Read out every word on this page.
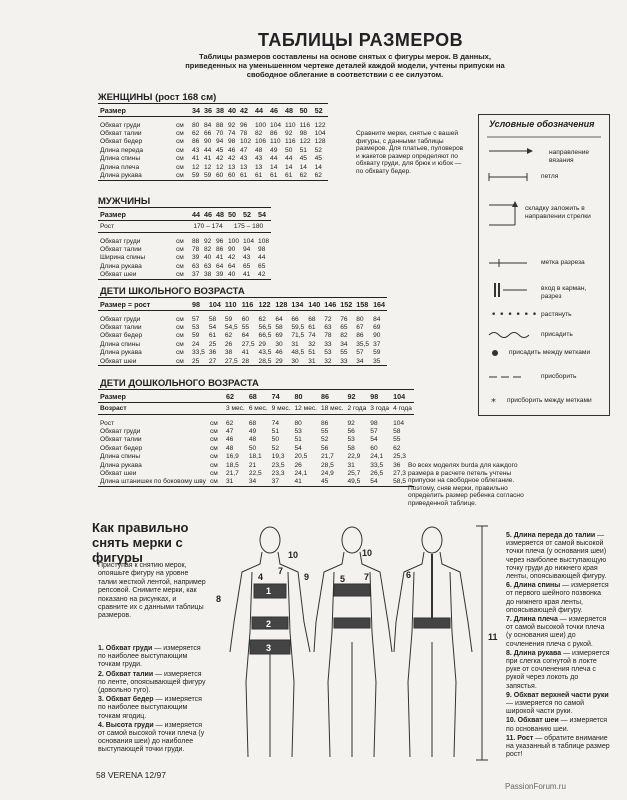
ТАБЛИЦЫ РАЗМЕРОВ
Таблицы размеров составлены на основе снятых с фигуры мерок. В данных, приведенных на уменьшенном чертеже деталей каждой модели, учтены припуски на свободное облегание в соответствии с ее силуэтом.
ЖЕНЩИНЫ (рост 168 см)
Размер		34	36	38	40	42	44	46	48	50	52

Обхват груди	см	80	84	88	92	96	100	104	110	116	122
Обхват талии	см	62	66	70	74	78	82	86	92	98	104
Обхват бедер	см	86	90	94	98	102	106	110	116	122	128
Длина переда	см	43	44	45	46	47	48	49	50	51	52
Длина спины	см	41	41	42	42	43	43	44	44	45	45
Длина плеча	см	12	12	12	13	13	13	14	14	14	14
Длина рукава	см	59	59	60	60	61	61	61	61	62	62
Сравните мерки, снятые с вашей фигуры, с данными таблицы размеров. Для платьев, пуловеров и жакетов размер определяют по обхвату груди, для брюк и юбок — по обхвату бедер.
МУЖЧИНЫ
Размер		44	46	48	50	52	54
Рост		170 – 174			175 – 180		

Обхват груди	см	88	92	96	100	104	108
Обхват талии	см	78	82	86	90	94	98
Ширина спины	см	39	40	41	42	43	44
Длина рукава	см	63	63	64	64	65	65
Обхват шеи	см	37	38	39	40	41	42
ДЕТИ ШКОЛЬНОГО ВОЗРАСТА
Размер = рост		98	104	110	116	122	128	134	140	146	152	158	164

Обхват груди	см	57	58	59	60	62	64	66	68	72	76	80	84
Обхват талии	см	53	54	54,5	55	56,5	58	59,5	61	63	65	67	69
Обхват бедер	см	59	61	62	64	66,5	69	71,5	74	78	82	86	90
Длина спины	см	24	25	26	27,5	29	30	31	32	33	34	35,5	37
Длина рукава	см	33,5	36	38	41	43,5	46	48,5	51	53	55	57	59
Обхват шеи	см	25	27	27,5	28	28,5	29	30	31	32	33	34	35
ДЕТИ ДОШКОЛЬНОГО ВОЗРАСТА
Размер		62	68	74	80	86	92	98	104
Возраст		3 мес.	6 мес.	9 мес.	12 мес.	18 мес.	2 года	3 года	4 года

Рост	см	62	68	74	80	86	92	98	104
Обхват груди	см	47	49	51	53	55	56	57	58
Обхват талии	см	46	48	50	51	52	53	54	55
Обхват бедер	см	48	50	52	54	56	58	60	62
Длина спины	см	16,9	18,1	19,3	20,5	21,7	22,9	24,1	25,3
Длина рукава	см	18,5	21	23,5	26	28,5	31	33,5	36
Обхват шеи	см	21,7	22,5	23,3	24,1	24,9	25,7	26,5	27,3
Длина штанишек по боковому шву	см	31	34	37	41	45	49,5	54	58,5
Во всех моделях burda для каждого размера в расчете петель учтены припуски на свободное облегание. Поэтому, сняв мерки, правильно определить размер ребенка согласно приведенной таблице.
Условные обозначения
• • • • • •
*
направление вязания
петля
складку заложить в направлении стрелки
метка разреза
вход в карман, разрез
растянуть
присадить
присадить между метками
присборить
присборить между метками
Как правильно снять мерки с фигуры
Приступая к снятию мерок, опояшьте фигуру на уровне талии жесткой лентой, например репсовой. Снимите мерки, как показано на рисунках, и сравните их с данными таблицы размеров.
1. Обхват груди — измеряется по наиболее выступающим точкам груди.
2. Обхват талии — измеряется по ленте, опоясывающей фигуру (довольно туго).
3. Обхват бедер — измеряется по наиболее выступающим точкам ягодиц.
4. Высота груди — измеряется от самой высокой точки плеча (у основания шеи) до наиболее выступающей точки груди.
10
7
4	9
8
1
2
3
10
7
5	6
11
5. Длина переда до талии — измеряется от самой высокой точки плеча (у основания шеи) через наиболее выступающую точку груди до нижнего края ленты, опоясывающей фигуру.
6. Длина спины — измеряется от первого шейного позвонка до нижнего края ленты, опоясывающей фигуру.
7. Длина плеча — измеряется от самой высокой точки плеча (у основания шеи) до сочленения плеча с рукой.
8. Длина рукава — измеряется при слегка согнутой в локте руке от сочленения плеча с рукой через локоть до запястья.
9. Обхват верхней части руки — измеряется по самой широкой части руки.
10. Обхват шеи — измеряется по основанию шеи.
11. Рост — обратите внимание на указанный в таблице размер рост!
58 VERENA 12/97
PassionForum.ru
